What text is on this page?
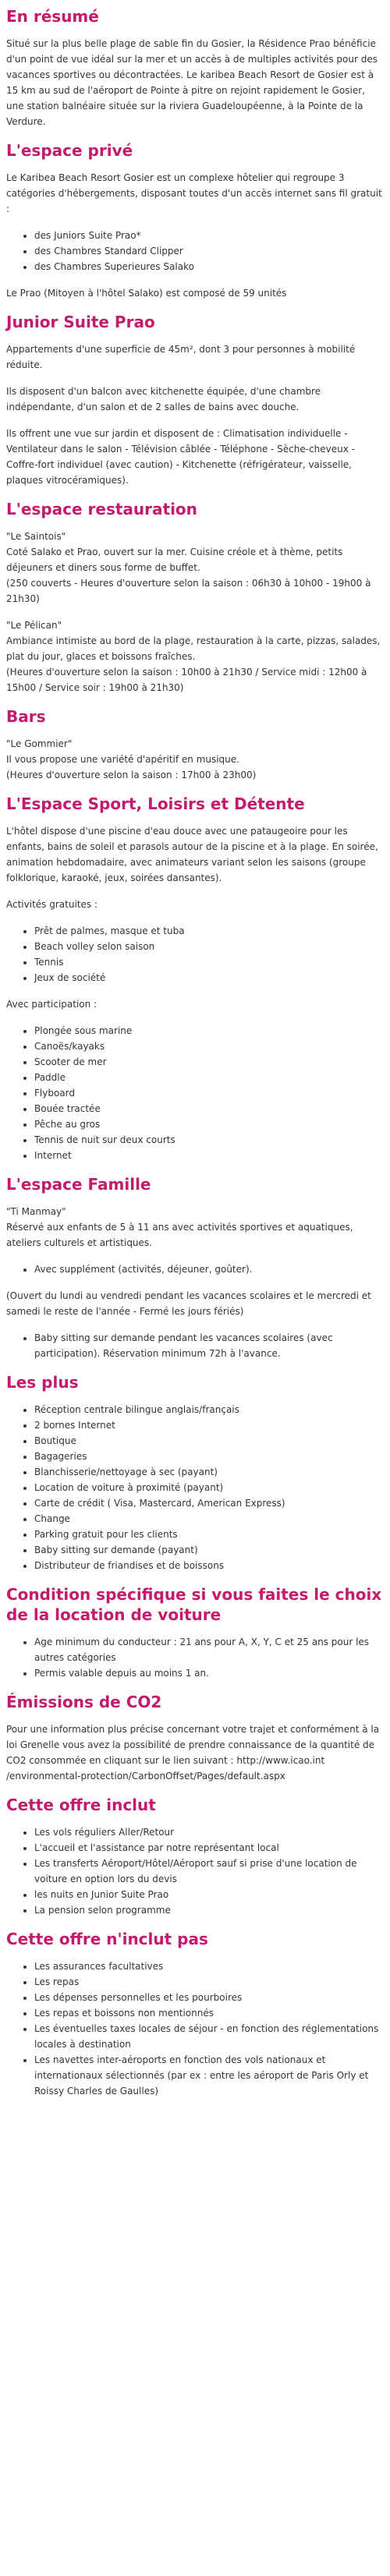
En résumé

Situé sur la plus belle plage de sable fin du Gosier, la Résidence Prao bénéficie d'un point de vue idéal sur la mer et un accès à de multiples activités pour des vacances sportives ou décontractées. Le karibea Beach Resort de Gosier est à 15 km au sud de l'aéroport de Pointe à pitre on rejoint rapidement le Gosier, une station balnéaire située sur la riviera Guadeloupéenne, à la Pointe de la Verdure.

L'espace privé

Le Karibea Beach Resort Gosier est un complexe hôtelier qui regroupe 3 catégories d'hébergements, disposant toutes d'un accès internet sans fil gratuit :

• des Juniors Suite Prao*
• des Chambres Standard Clipper
• des Chambres Superieures Salako

Le Prao (Mitoyen à l'hôtel Salako) est composé de 59 unités

Junior Suite Prao

Appartements d'une superficie de 45m², dont 3 pour personnes à mobilité réduite.

Ils disposent d'un balcon avec kitchenette équipée, d'une chambre indépendante, d'un salon et de 2 salles de bains avec douche.

Ils offrent une vue sur jardin et disposent de : Climatisation individuelle - Ventilateur dans le salon - Télévision câblée - Téléphone - Sèche-cheveux - Coffre-fort individuel (avec caution) - Kitchenette (réfrigérateur, vaisselle, plaques vitrocéramiques).

L'espace restauration

"Le Saintois"
Coté Salako et Prao, ouvert sur la mer. Cuisine créole et à thème, petits déjeuners et diners sous forme de buffet.
(250 couverts - Heures d'ouverture selon la saison : 06h30 à 10h00 - 19h00 à 21h30)

"Le Pélican"
Ambiance intimiste au bord de la plage, restauration à la carte, pizzas, salades, plat du jour, glaces et boissons fraîches.
(Heures d'ouverture selon la saison : 10h00 à 21h30 / Service midi : 12h00 à 15h00 / Service soir : 19h00 à 21h30)

Bars

"Le Gommier"
Il vous propose une variété d'apéritif en musique.
(Heures d'ouverture selon la saison : 17h00 à 23h00)

L'Espace Sport, Loisirs et Détente

L'hôtel dispose d'une piscine d'eau douce avec une pataugeoire pour les enfants, bains de soleil et parasols autour de la piscine et à la plage. En soirée, animation hebdomadaire, avec animateurs variant selon les saisons (groupe folklorique, karaoké, jeux, soirées dansantes).

Activités gratuites :

• Prêt de palmes, masque et tuba
• Beach volley selon saison
• Tennis
• Jeux de société

Avec participation :

• Plongée sous marine
• Canoës/kayaks
• Scooter de mer
• Paddle
• Flyboard
• Bouée tractée
• Pêche au gros
• Tennis de nuit sur deux courts
• Internet
L'espace Famille

"Ti Manmay"
Réservé aux enfants de 5 à 11 ans avec activités sportives et aquatiques, ateliers culturels et artistiques.

• Avec supplément (activités, déjeuner, goûter).

(Ouvert du lundi au vendredi pendant les vacances scolaires et le mercredi et samedi le reste de l'année - Fermé les jours fériés)

• Baby sitting sur demande pendant les vacances scolaires (avec participation). Réservation minimum 72h à l'avance.
Les plus
• Réception centrale bilingue anglais/français
• 2 bornes Internet
• Boutique
• Bagageries
• Blanchisserie/nettoyage à sec (payant)
• Location de voiture à proximité (payant)
• Carte de crédit ( Visa, Mastercard, American Express)
• Change
• Parking gratuit pour les clients
• Baby sitting sur demande (payant)
• Distributeur de friandises et de boissons
Condition spécifique si vous faites le choix de la location de voiture
• Age minimum du conducteur : 21 ans pour A, X, Y, C et 25 ans pour les autres catégories
• Permis valable depuis au moins 1 an.
Émissions de CO2

Pour une information plus précise concernant votre trajet et conformément à la loi Grenelle vous avez la possibilité de prendre connaissance de la quantité de CO2 consommée en cliquant sur le lien suivant : http://www.icao.int /environmental-protection/CarbonOffset/Pages/default.aspx

Cette offre inclut
• Les vols réguliers Aller/Retour
• L'accueil et l'assistance par notre représentant local
• Les transferts Aéroport/Hôtel/Aéroport sauf si prise d'une location de voiture en option lors du devis
• les nuits en Junior Suite Prao
• La pension selon programme
Cette offre n'inclut pas
• Les assurances facultatives
• Les repas
• Les dépenses personnelles et les pourboires
• Les repas et boissons non mentionnés
• Les éventuelles taxes locales de séjour - en fonction des réglementations locales à destination
• Les navettes inter-aéroports en fonction des vols nationaux et internationaux sélectionnés (par ex : entre les aéroport de Paris Orly et Roissy Charles de Gaulles)
